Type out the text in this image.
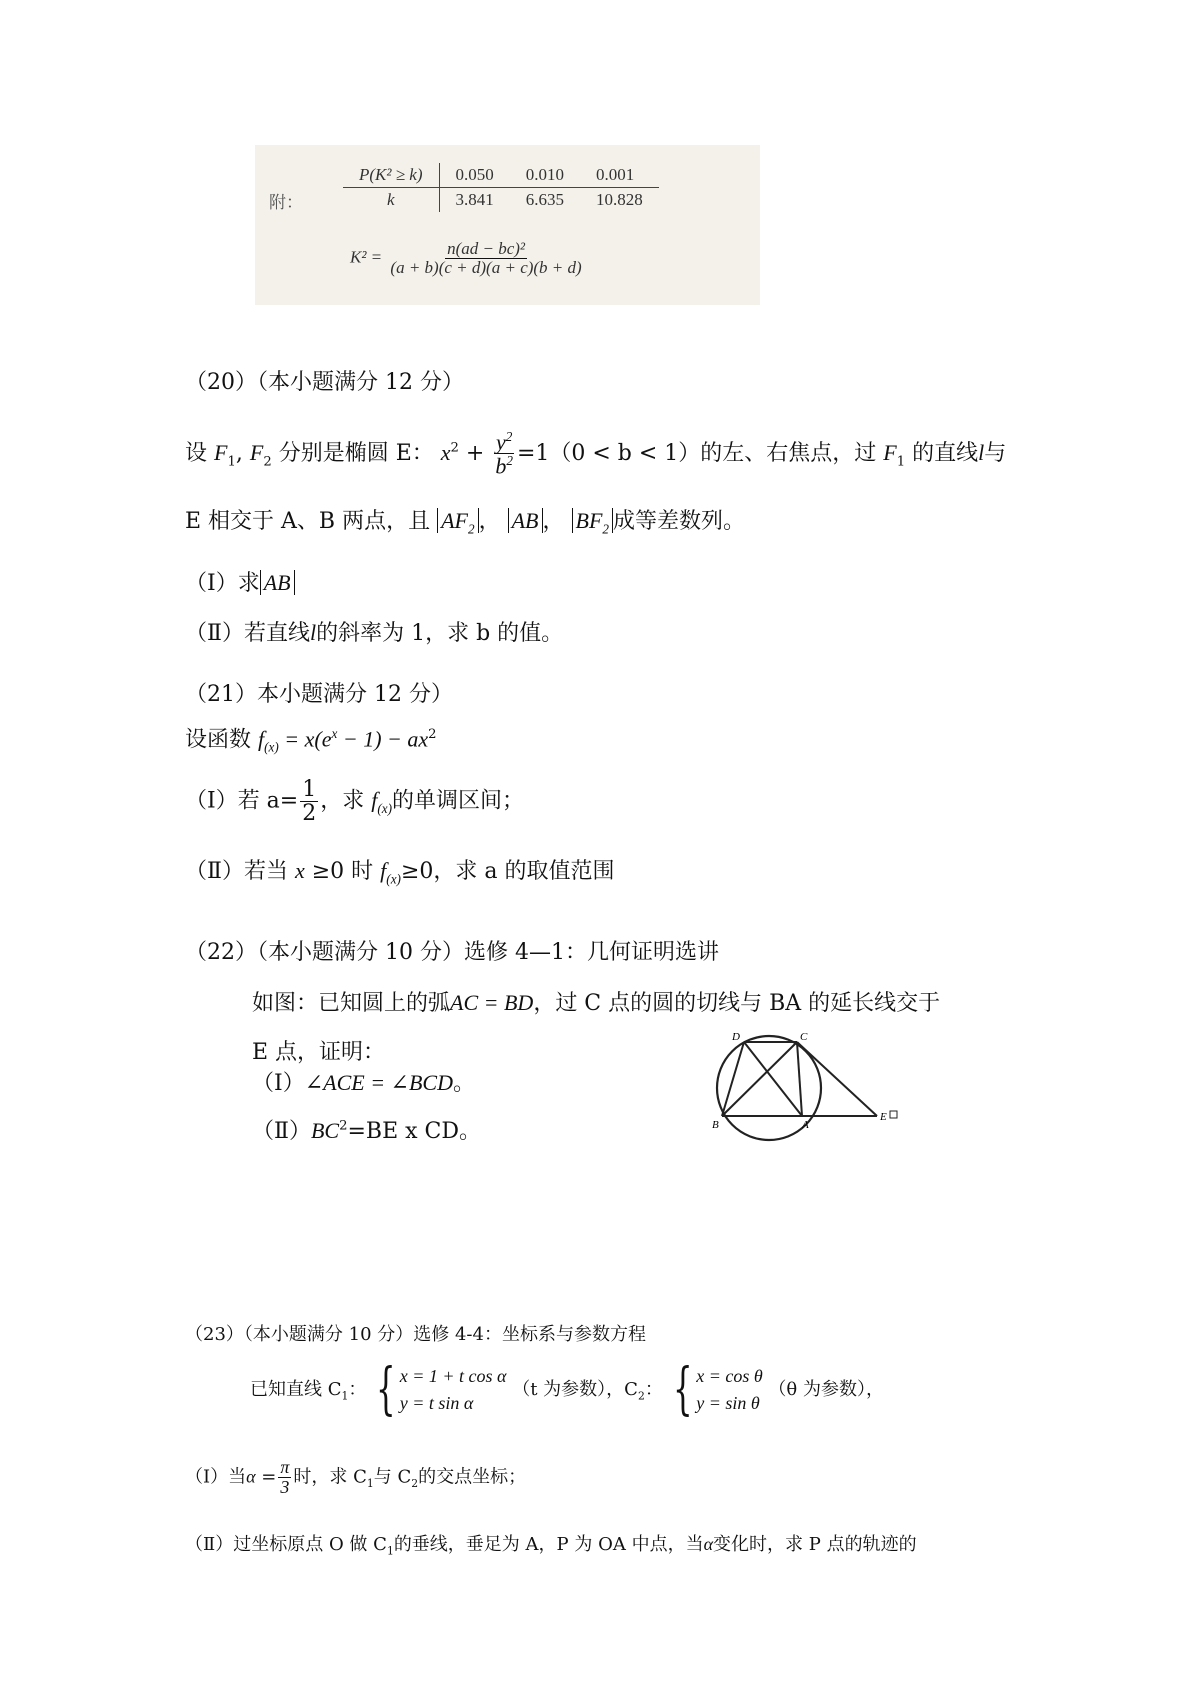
附：
P(K² ≥ k)	0.050	0.010	0.001
k	3.841	6.635	10.828
$K^2 = \frac{\text{n(ad − bc)²}}{(a + b)(c + d)(a + c)(b + d)}$
（20）（本小题满分 12 分）
设 $F_1$, $F_2$ 分别是椭圆 E： $x^2 + \frac{y^2}{b^2} =1(0 < b < 1)$的左、右焦点，过 $F_1$ 的直线l与
E 相交于 A、B 两点，且 $AF_2$ ， AB ， $BF_2$ 成等差数列。
（Ⅰ）求 AB
（Ⅱ）若直线l的斜率为 1，求 b 的值。
（21）本小题满分 12 分）
设函数 $f_{(x)} = x(e^x - 1) - ax^2$
（Ⅰ）若 $a= \frac{1}{2}$ ，求 $f_{(x)}$的单调区间；
（Ⅱ）若当 x ≥0 时 $f_{(x)}\ge 0$，求 a 的取值范围
（22）（本小题满分 10 分）选修 4—1：几何证明选讲
如图：已知圆上的弧AC = BD，过 C 点的圆的切线与 BA 的延长线交于
E 点，证明：
（Ⅰ）∠ACE = ∠BCD。
$(Ⅱ)BC^2=BE$ x CD。
D	C
B	A
E
（23）（本小题满分 10 分）选修 4-4：坐标系与参数方程
已知直线 $C_1$： { x = 1 + t cos α
y = t sin α
（t 为参数），$C_2$： { x = cos θ
y = sin θ
（θ 为参数），
（Ⅰ）当$\alpha = \frac{\pi}{3}$ 时，求 $C_1$与 $C_2$的交点坐标；
（Ⅱ）过坐标原点 O 做 $C_1$的垂线，垂足为 A，P 为 OA 中点，当α变化时，求 P 点的轨迹的
